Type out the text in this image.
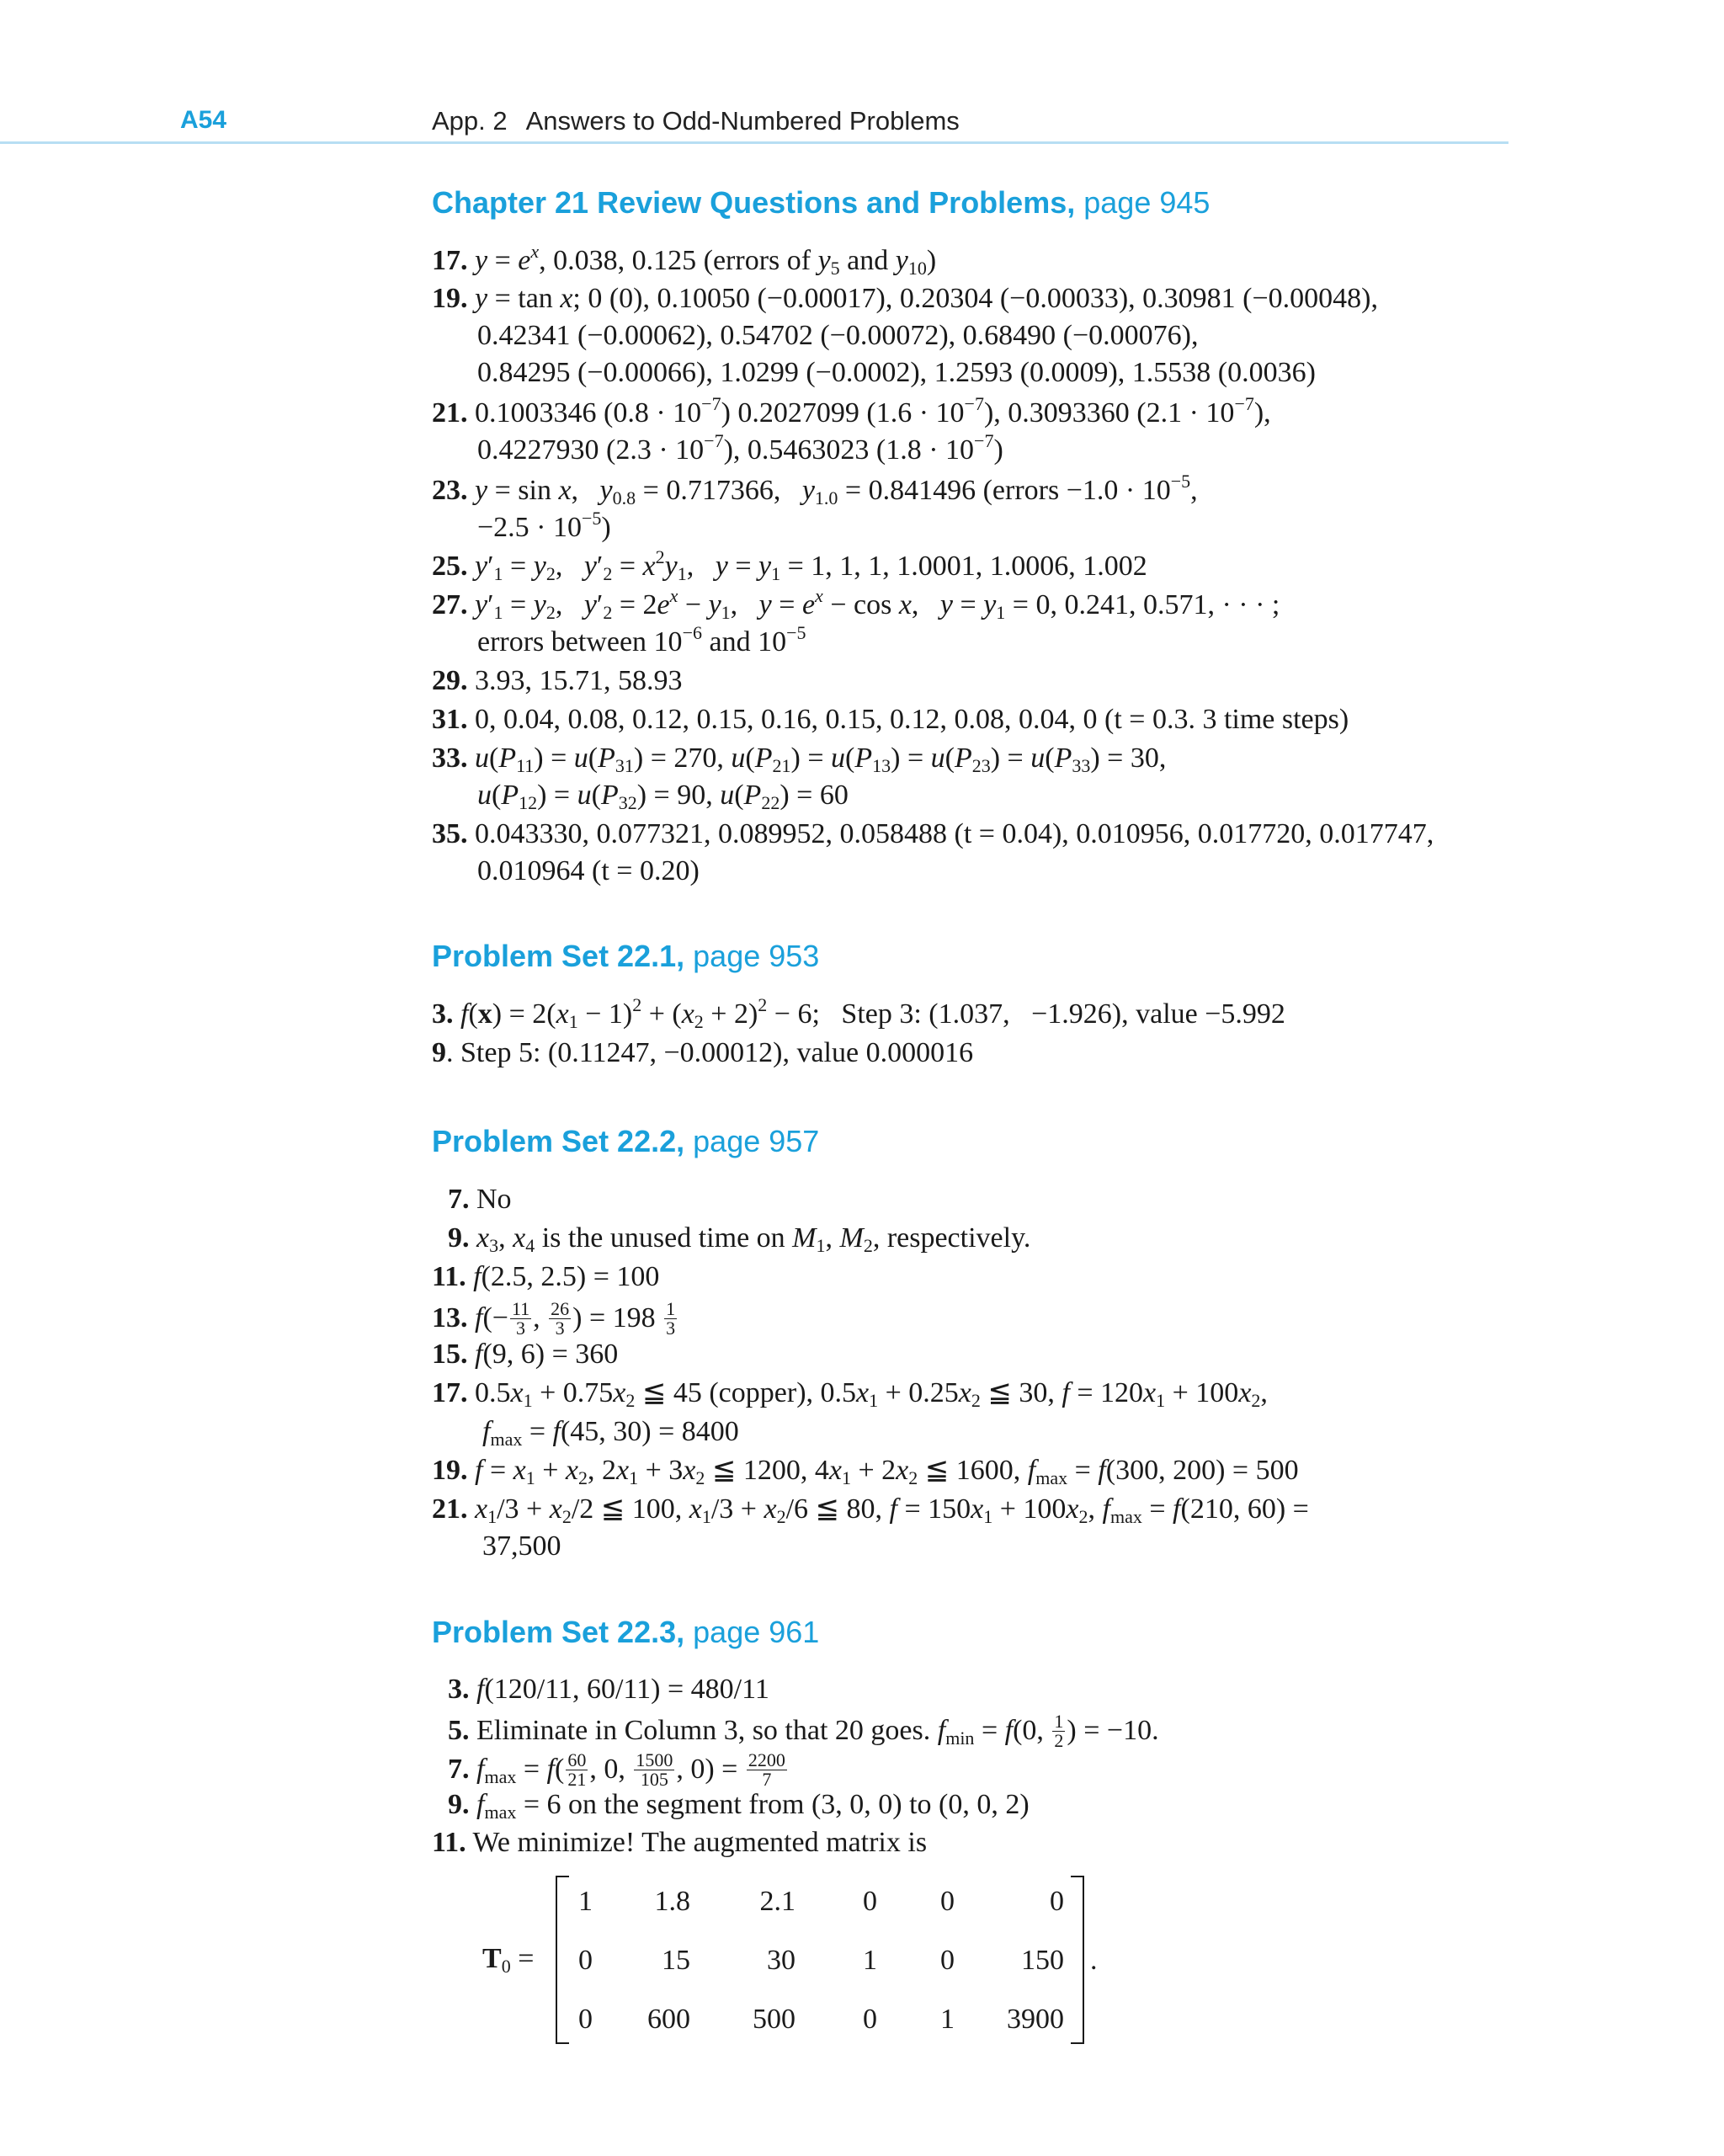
A54	App. 2 Answers to Odd-Numbered Problems
Chapter 21 Review Questions and Problems, page 945
17. $y = e^x$, 0.038, 0.125 (errors of $y_5$ and $y_{10}$)
19. y = tan x; 0 (0), 0.10050 (−0.00017), 0.20304 (−0.00033), 0.30981 (−0.00048),
0.42341 (−0.00062), 0.54702 (−0.00072), 0.68490 (−0.00076),
0.84295 (−0.00066), 1.0299 (−0.0002), 1.2593 (0.0009), 1.5538 (0.0036)
21. 0.1003346 $(0.8 \cdot 10^{-7})$ 0.2027099 $(1.6 \cdot 10^{-7})$, 0.3093360 $(2.1 \cdot 10^{-7})$,
0.4227930 $(2.3 \cdot 10^{-7})$, 0.5463023 $(1.8 \cdot 10^{-7})$
23. y = sin x,   $y_{0.8} = 0.717366$,   $y_{1.0} = 0.841496$ (errors $-1.0 \cdot 10^{-5}$,
$-2.5 \cdot 10^{-5}$)
25. $y'_1 = y_2$,   $y'_2 = x^2y_1$,   $y = y_1 = 1$, 1, 1, 1.0001, 1.0006, 1.002
27. $y'_1 = y_2$,   $y'_2 = 2e^x - y_1$,   $y = e^x - \cos x$,   $y = y_1 = 0$, 0.241, 0.571, · · · ;
errors between $10^{-6}$ and $10^{-5}$
29. 3.93, 15.71, 58.93
31. 0, 0.04, 0.08, 0.12, 0.15, 0.16, 0.15, 0.12, 0.08, 0.04, 0 (t = 0.3. 3 time steps)
33. $u(P_{11}) = u(P_{31}) = 270$, $u(P_{21}) = u(P_{13}) = u(P_{23}) = u(P_{33}) = 30$,
$u(P_{12}) = u(P_{32}) = 90$, $u(P_{22}) = 60$
35. 0.043330, 0.077321, 0.089952, 0.058488 (t = 0.04), 0.010956, 0.017720, 0.017747,
0.010964 (t = 0.20)
Problem Set 22.1, page 953
3. $f(x) = 2(x_1 - 1)^2 + (x_2 + 2)^2 - 6$;   Step 3: (1.037,   −1.926), value −5.992
9. Step 5: (0.11247, −0.00012), value 0.000016
Problem Set 22.2, page 957
7. No
9. $x_3$, $x_4$ is the unused time on $M_1$, $M_2$, respectively.
11. f(2.5, 2.5) = 100
13. $f(- \frac{11}{3}$ , $\frac{26}{3}$ ) = $198 \frac{1}{3}$
15. f(9, 6) = 360
17. $0.5x_1 + 0.75x_2$ ≦ 45 (copper), $0.5x_1 + 0.25x_2$ ≦ 30, $f = 120x_1 + 100x_2$,
$f_{max} = f(45$, 30) = 8400
19. $f = x_1 + x_2$, $2x_1 + 3x_2$ ≦ 1200, $4x_1 + 2x_2$ ≦ 1600, $f_{max} = f(300$, 200) = 500
21. $x_1/3 + x_2/2$ ≦ 100, $x_1/3 + x_2/6$ ≦ 80, $f = 150x_1 + 100x_2$, $f_{max} = f(210$, 60) =
37,500
Problem Set 22.3, page 961
3. f(120/11, 60/11) = 480/11
5. Eliminate in Column 3, so that 20 goes. $f_{min} = f(0$, $\frac{1}{2}$ ) = −10.
7. $f_{max} = f( \frac{60}{21}$ , 0, $\frac{1500}{105}$ , $0) = \frac{2200}{7}$
9. $f_{max} = 6$ on the segment from (3, 0, 0) to (0, 0, 2)
11. We minimize! The augmented matrix is
$T_0$ =	.
1	1.8	2.1	0	0	0
0	15	30	1	0	150
0 600 500	0	1	3900
